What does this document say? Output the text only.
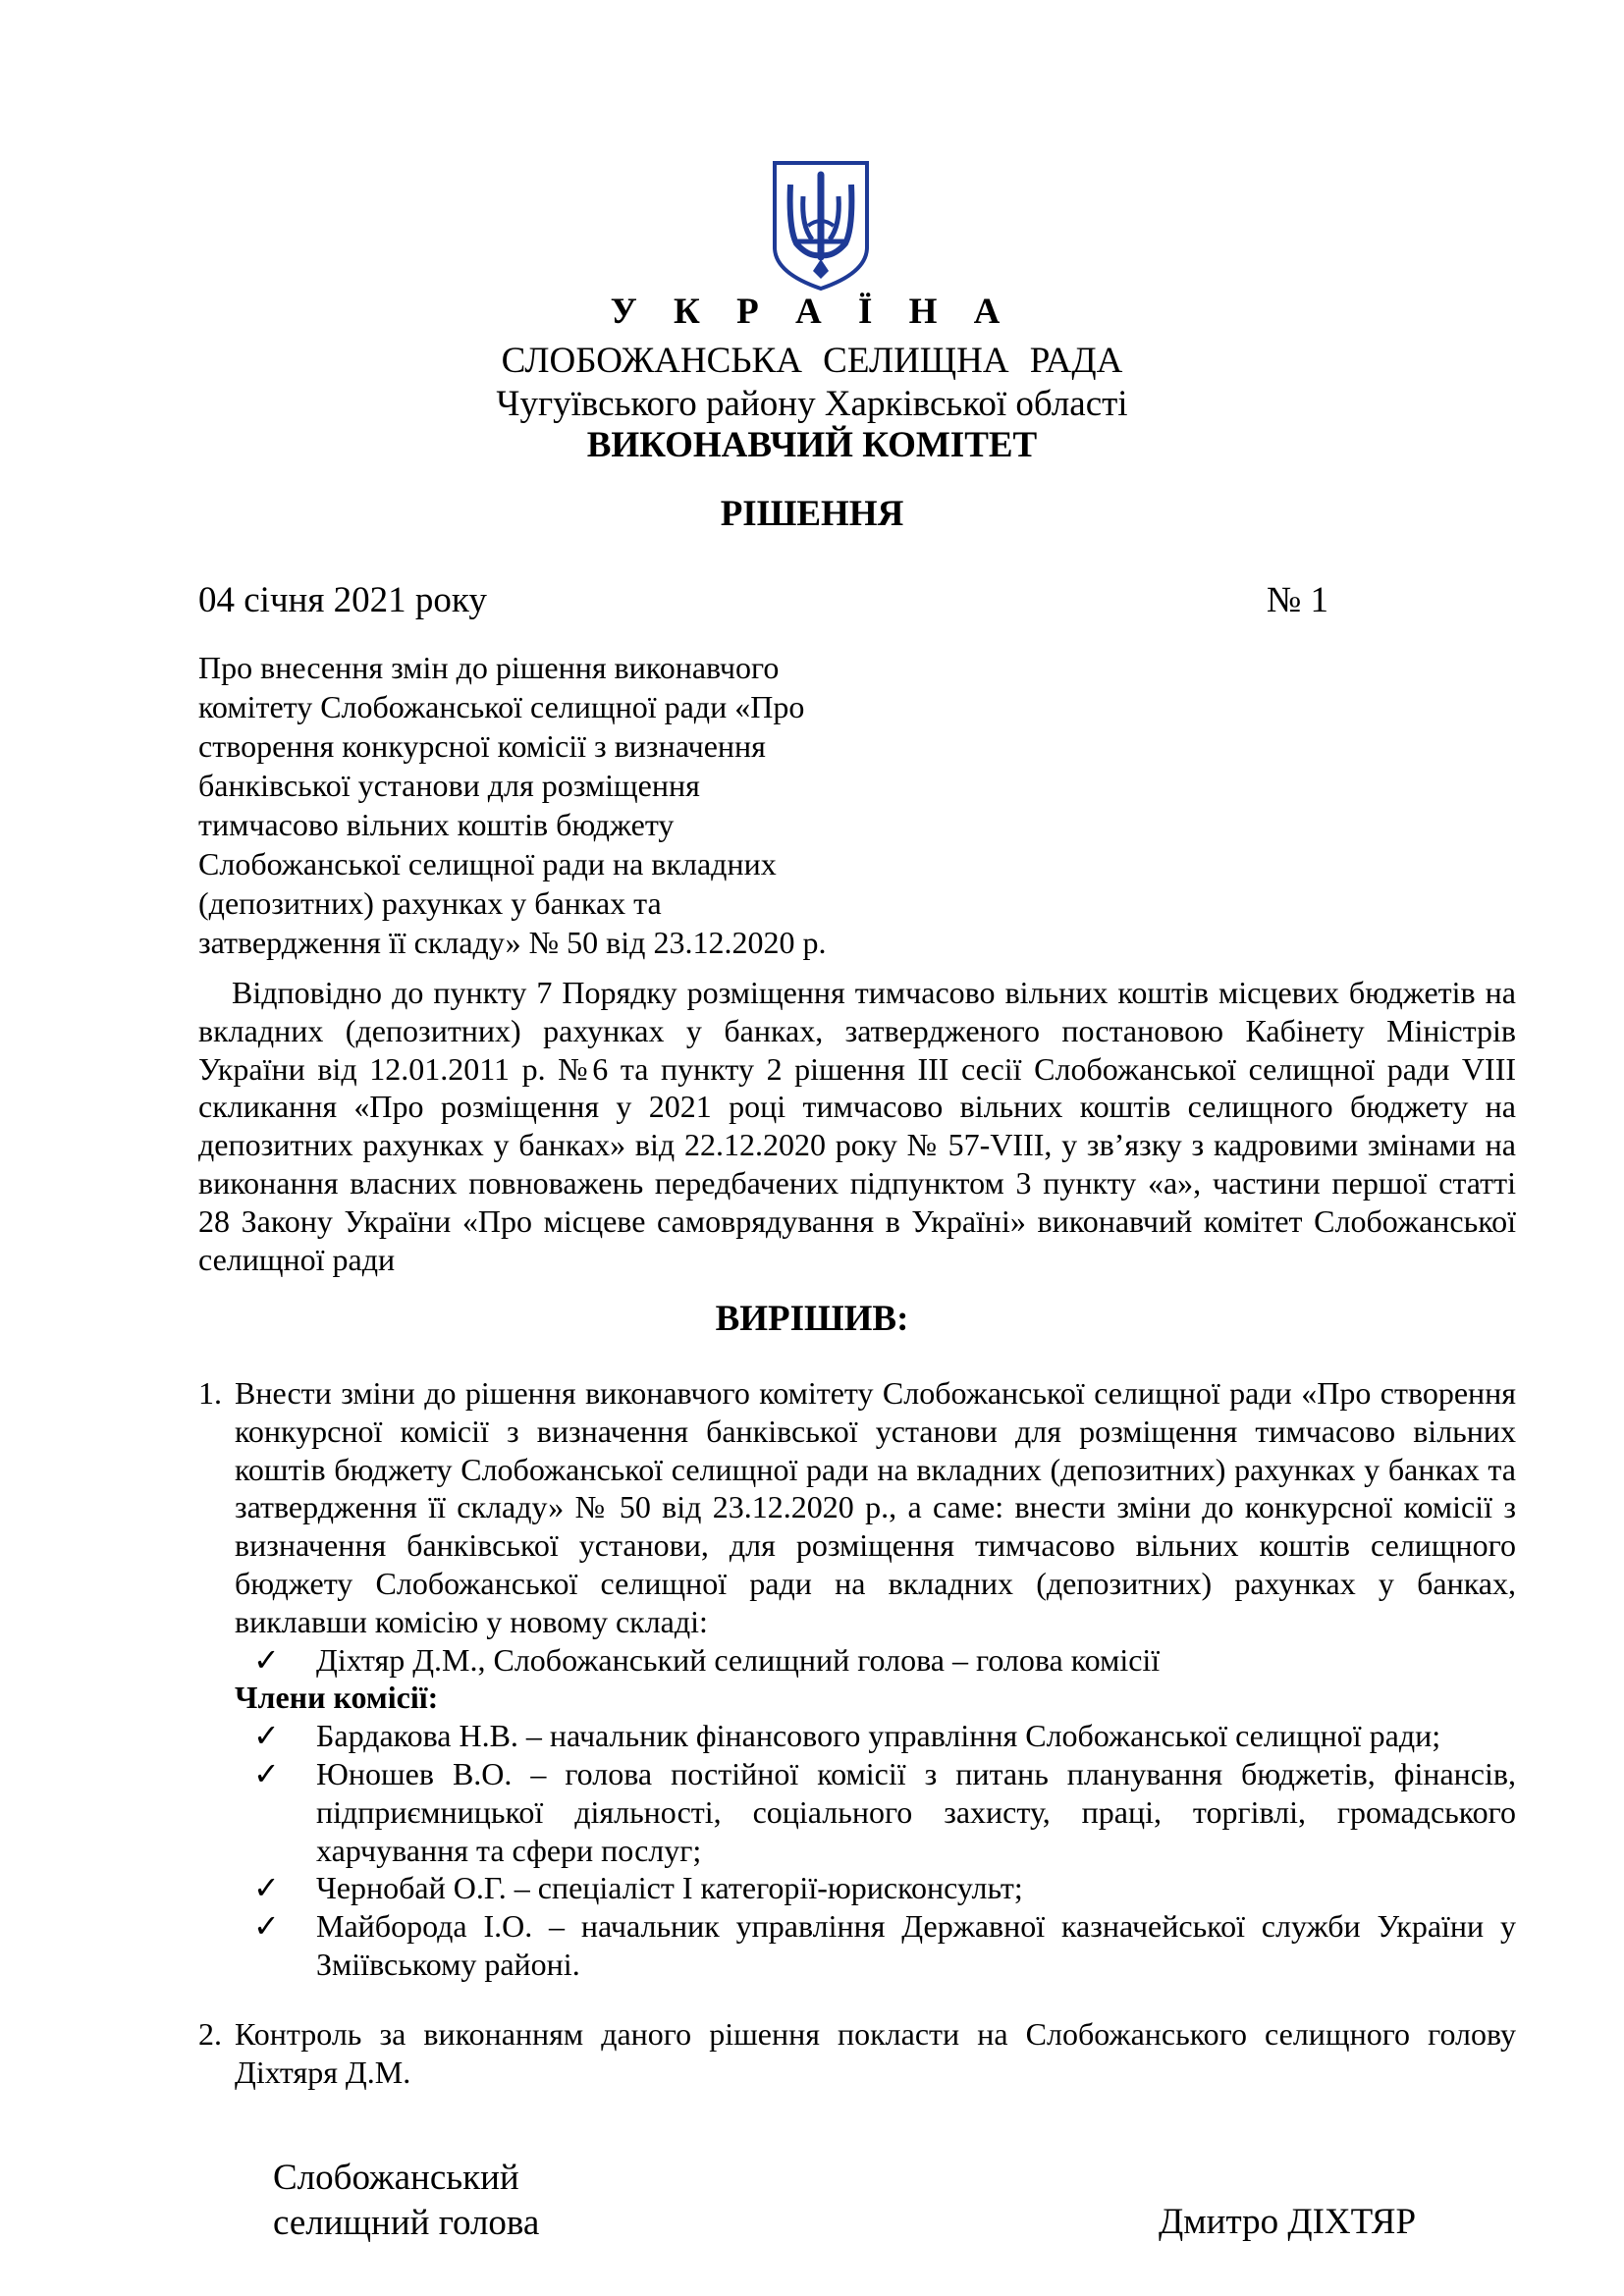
У К Р А Ї Н А
СЛОБОЖАНСЬКА СЕЛИЩНА РАДА
Чугуївського району Харківської області
ВИКОНАВЧИЙ КОМІТЕТ
РІШЕННЯ
04 січня 2021 року	№ 1
Про внесення змін до рішення виконавчого
комітету Слобожанської селищної ради «Про
створення конкурсної комісії з визначення
банківської установи для розміщення
тимчасово вільних коштів бюджету
Слобожанської селищної ради на вкладних
(депозитних) рахунках у банках та
затвердження її складу» № 50 від 23.12.2020 р.
Відповідно до пункту 7 Порядку розміщення тимчасово вільних коштів місцевих бюджетів на вкладних (депозитних) рахунках у банках, затвердженого постановою Кабінету Міністрів України від 12.01.2011 р. №6 та пункту 2 рішення ІІІ сесії Слобожанської селищної ради VIII скликання «Про розміщення у 2021 році тимчасово вільних коштів селищного бюджету на депозитних рахунках у банках» від 22.12.2020 року № 57-VIII, у зв’язку з кадровими змінами на виконання власних повноважень передбачених підпунктом 3 пункту «а», частини першої статті 28 Закону України «Про місцеве самоврядування в Україні» виконавчий комітет Слобожанської селищної ради
ВИРІШИВ:
1. Внести зміни до рішення виконавчого комітету Слобожанської селищної ради «Про створення конкурсної комісії з визначення банківської установи для розміщення тимчасово вільних коштів бюджету Слобожанської селищної ради на вкладних (депозитних) рахунках у банках та затвердження її складу» № 50 від 23.12.2020 р., а саме: внести зміни до конкурсної комісії з визначення банківської установи, для розміщення тимчасово вільних коштів селищного бюджету Слобожанської селищної ради на вкладних (депозитних) рахунках у банках, виклавши комісію у новому складі:
✓ Діхтяр Д.М., Слобожанський селищний голова – голова комісії
Члени комісії:
✓ Бардакова Н.В. – начальник фінансового управління Слобожанської селищної ради;
✓ Юношев В.О. – голова постійної комісії з питань планування бюджетів, фінансів, підприємницької діяльності, соціального захисту, праці, торгівлі, громадського харчування та сфери послуг;
✓ Чернобай О.Г. – спеціаліст І категорії-юрисконсульт;
✓ Майборода І.О. – начальник управління Державної казначейської служби України у Зміївському районі.
2. Контроль за виконанням даного рішення покласти на Слобожанського селищного голову Діхтяря Д.М.
Слобожанський
селищний голова	Дмитро ДІХТЯР
